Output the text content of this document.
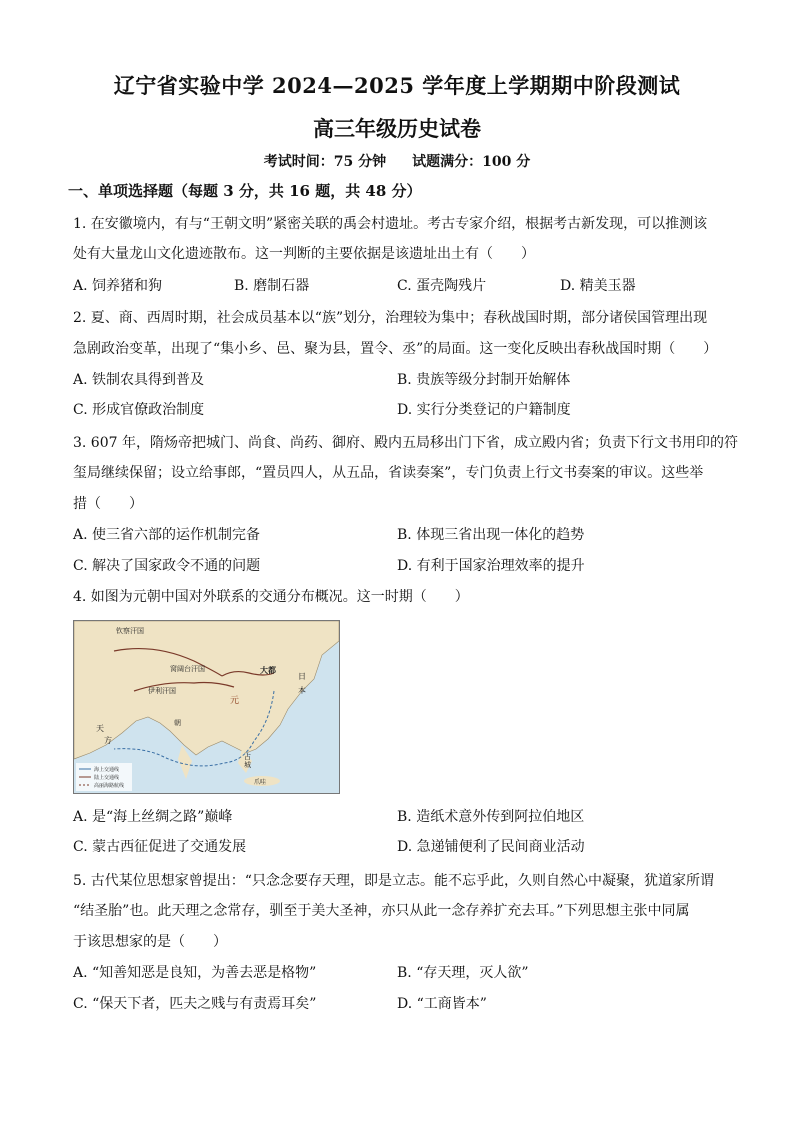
辽宁省实验中学 2024—2025 学年度上学期期中阶段测试
高三年级历史试卷
考试时间：75 分钟 试题满分：100 分
一、单项选择题（每题 3 分，共 16 题，共 48 分）
1. 在安徽境内，有与“王朝文明”紧密关联的禹会村遗址。考古专家介绍，根据考古新发现，可以推测该
处有大量龙山文化遗迹散布。这一判断的主要依据是该遗址出土有（　　）
A. 饲养猪和狗	B. 磨制石器	C. 蛋壳陶残片	D. 精美玉器
2. 夏、商、西周时期，社会成员基本以“族”划分，治理较为集中；春秋战国时期，部分诸侯国管理出现
急剧政治变革，出现了“集小乡、邑、聚为县，置令、丞”的局面。这一变化反映出春秋战国时期（　　）
A. 铁制农具得到普及	B. 贵族等级分封制开始解体
C. 形成官僚政治制度	D. 实行分类登记的户籍制度
3. 607 年，隋炀帝把城门、尚食、尚药、御府、殿内五局移出门下省，成立殿内省；负责下行文书用印的符
玺局继续保留；设立给事郎，“置员四人，从五品，省读奏案”，专门负责上行文书奏案的审议。这些举
措（　　）
A. 使三省六部的运作机制完备	B. 体现三省出现一体化的趋势
C. 解决了国家政令不通的问题	D. 有利于国家治理效率的提升
4. 如图为元朝中国对外联系的交通分布概况。这一时期（　　）
钦察汗国
窝阔台汗国
伊利汗国
大都
日
本
天
方
朝
元
占
城
爪哇
海上交通线
陆上交通线
高丽海路航线
A. 是“海上丝绸之路”巅峰	B. 造纸术意外传到阿拉伯地区
C. 蒙古西征促进了交通发展	D. 急递铺便利了民间商业活动
5. 古代某位思想家曾提出：“只念念要存天理，即是立志。能不忘乎此，久则自然心中凝聚，犹道家所谓
“结圣胎”也。此天理之念常存，驯至于美大圣神，亦只从此一念存养扩充去耳。”下列思想主张中同属
于该思想家的是（　　）
A. “知善知恶是良知，为善去恶是格物”	B. “存天理，灭人欲”
C. “保天下者，匹夫之贱与有责焉耳矣”	D. “工商皆本”
